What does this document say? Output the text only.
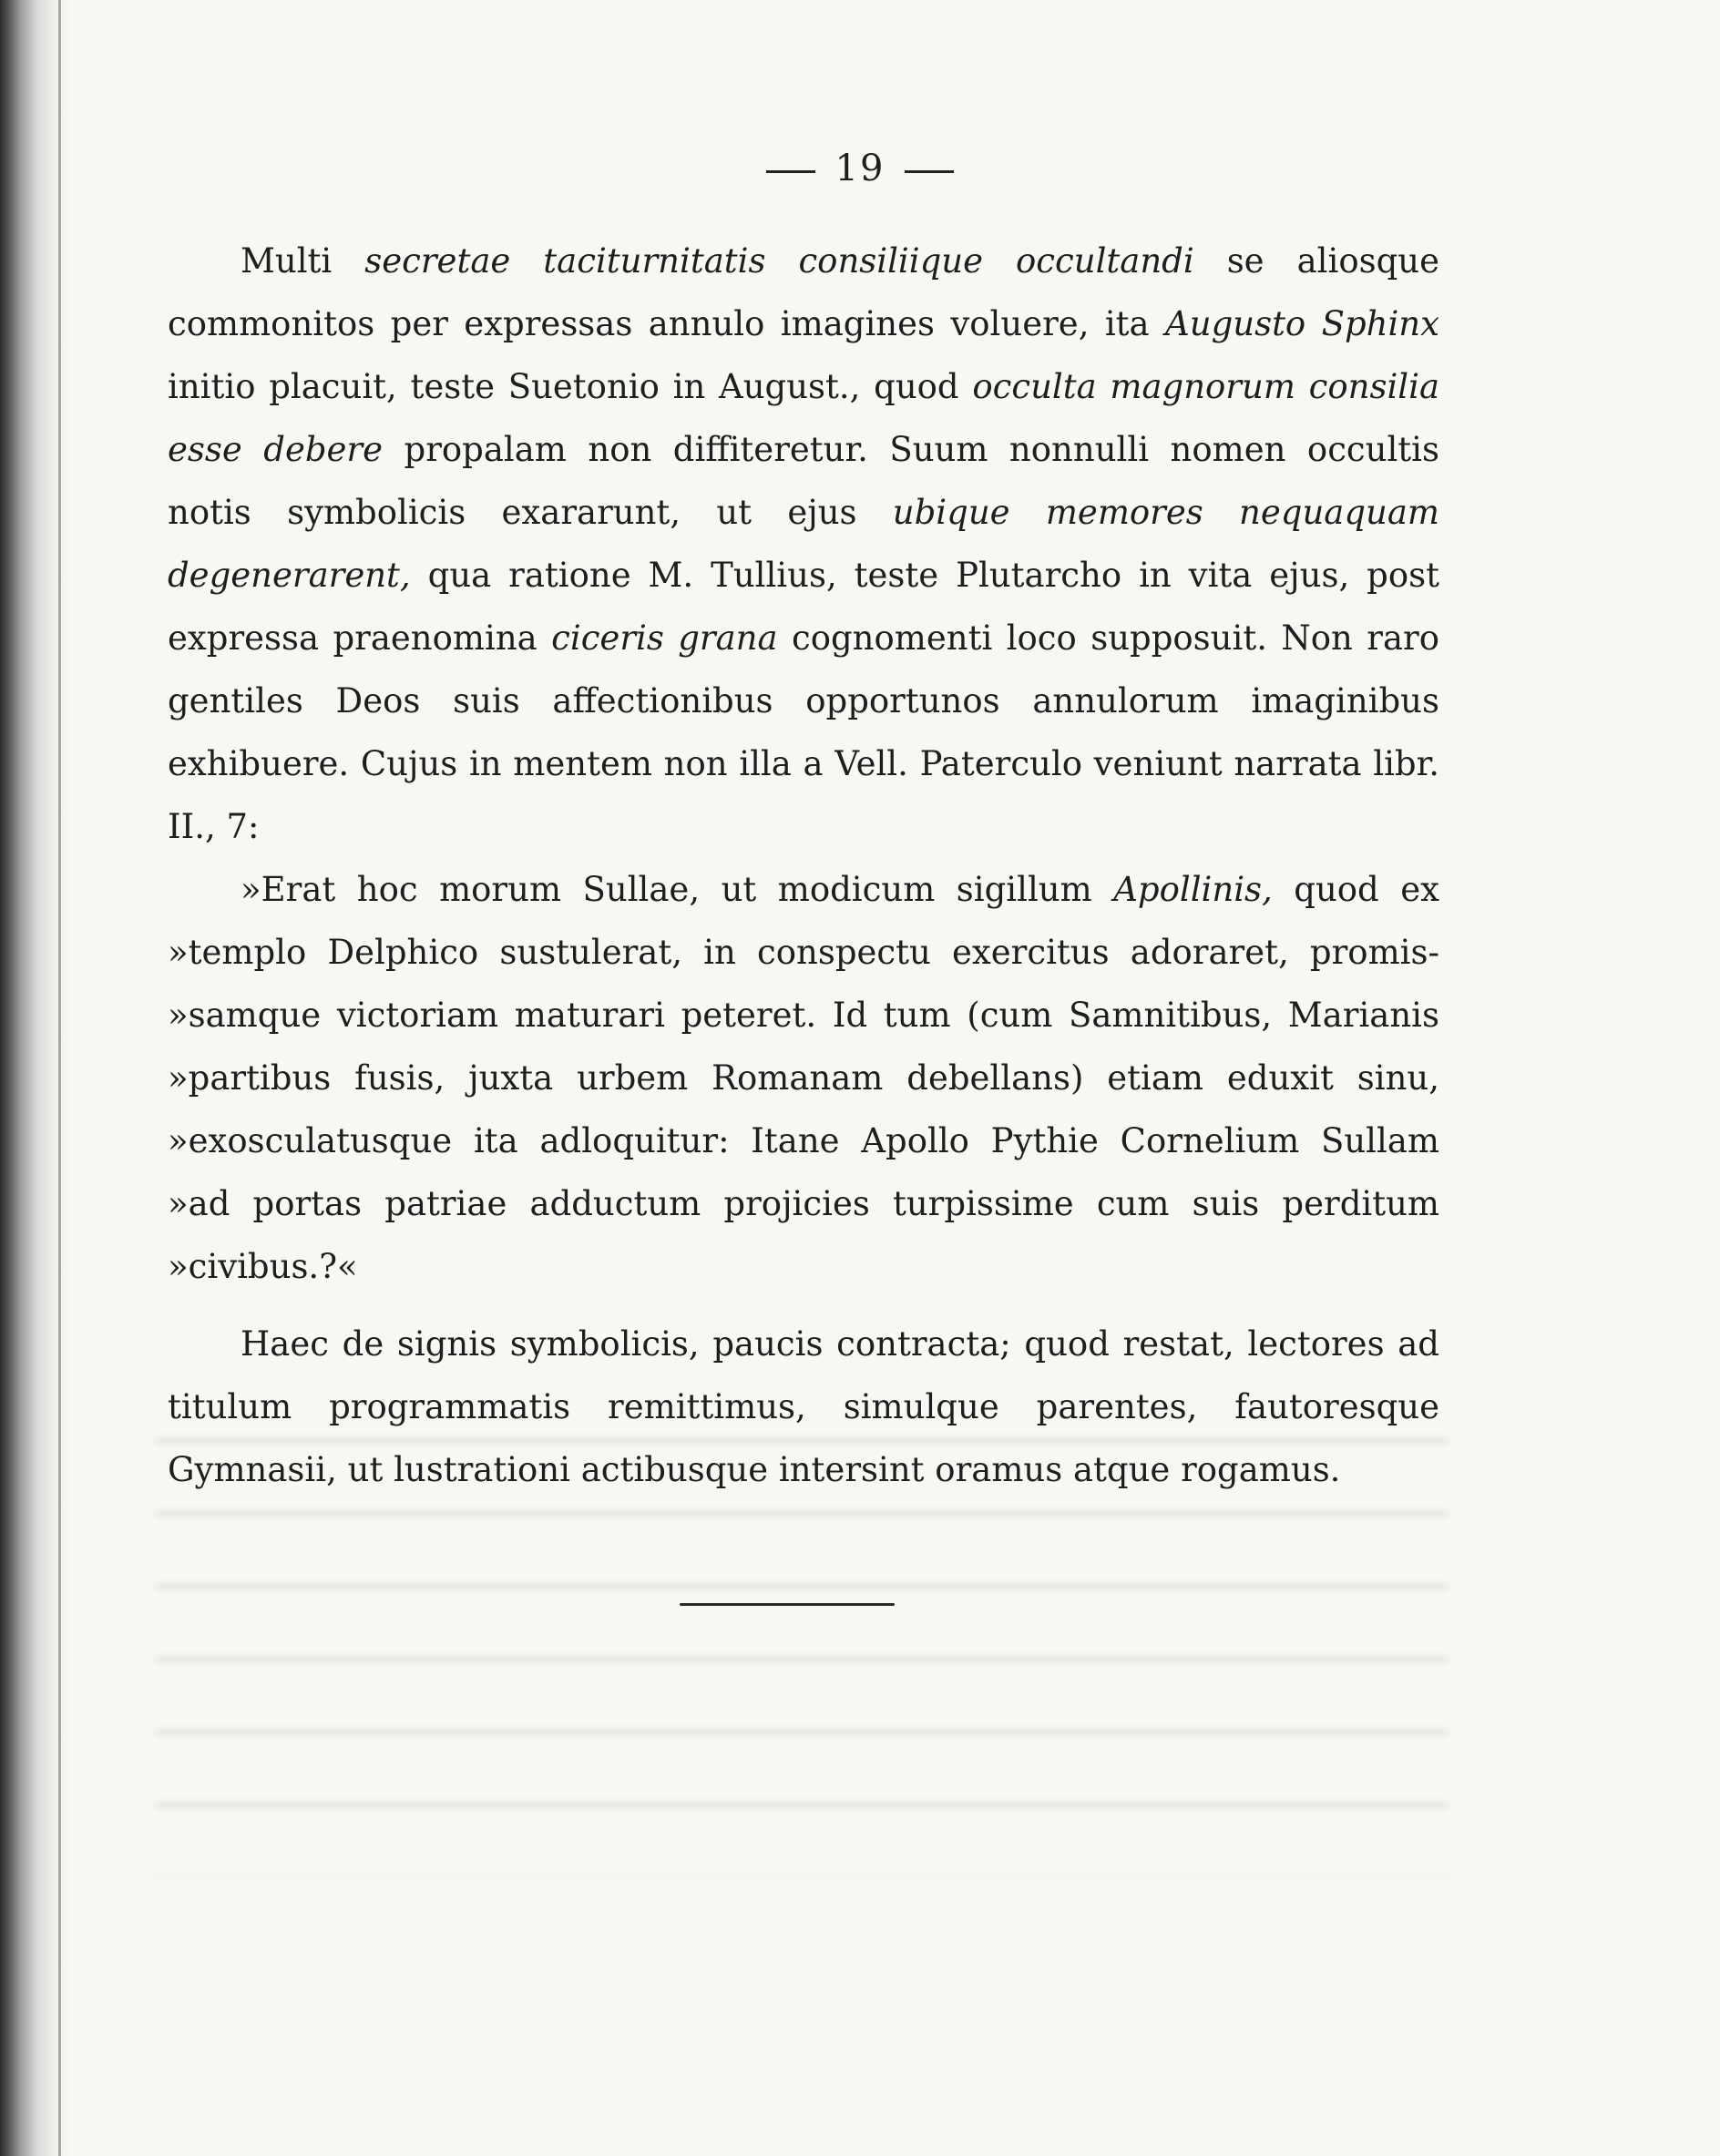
19

Multi secretae taciturnitatis consiliique occultandi se aliosque commonitos per expressas annulo imagines voluere, ita Augusto Sphinx initio placuit, teste Suetonio in August., quod occulta magnorum consilia esse debere propalam non diffiteretur. Suum nonnulli nomen occultis notis symbolicis exararunt, ut ejus ubique memores nequaquam degenerarent, qua ratione M. Tullius, teste Plutarcho in vita ejus, post expressa praenomina ciceris grana cognomenti loco supposuit. Non raro gentiles Deos suis affectionibus opportunos annulorum imaginibus exhibuere. Cujus in mentem non illa a Vell. Paterculo veniunt narrata libr. II., 7:

»Erat hoc morum Sullae, ut modicum sigillum Apollinis, quod ex
»templo Delphico sustulerat, in conspectu exercitus adoraret, promis-
»samque victoriam maturari peteret. Id tum (cum Samnitibus, Marianis
»partibus fusis, juxta urbem Romanam debellans) etiam eduxit sinu,
»exosculatusque ita adloquitur: Itane Apollo Pythie Cornelium Sullam
»ad portas patriae adductum projicies turpissime cum suis perditum
»civibus.?«

Haec de signis symbolicis, paucis contracta; quod restat, lectores ad titulum programmatis remittimus, simulque parentes, fautoresque Gymnasii, ut lustrationi actibusque intersint oramus atque rogamus.
